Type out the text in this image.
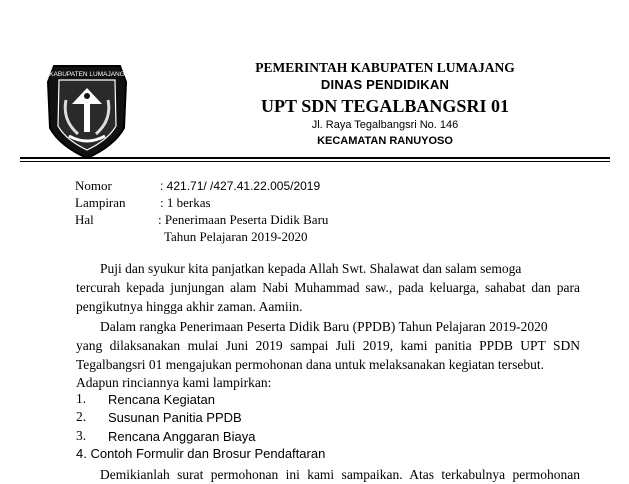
KABUPATEN LUMAJANG	PEMERINTAH KABUPATEN LUMAJANG
DINAS PENDIDIKAN
UPT SDN TEGALBANGSRI 01
Jl. Raya Tegalbangsri No. 146
KECAMATAN RANUYOSO
Nomor	: 421.71/ /427.41.22.005/2019
Lampiran	: 1 berkas
Hal	: Penerimaan Peserta Didik Baru
Tahun Pelajaran 2019-2020
Puji dan syukur kita panjatkan kepada Allah Swt. Shalawat dan salam semoga
tercurah kepada junjungan alam Nabi Muhammad saw., pada keluarga, sahabat dan para
pengikutnya hingga akhir zaman. Aamiin.
Dalam rangka Penerimaan Peserta Didik Baru (PPDB) Tahun Pelajaran 2019-2020
yang dilaksanakan mulai Juni 2019 sampai Juli 2019, kami panitia PPDB UPT SDN
Tegalbangsri 01 mengajukan permohonan dana untuk melaksanakan kegiatan tersebut.
Adapun rinciannya kami lampirkan:
1. Rencana Kegiatan
2. Susunan Panitia PPDB
3. Rencana Anggaran Biaya
4. Contoh Formulir dan Brosur Pendaftaran
Demikianlah surat permohonan ini kami sampaikan. Atas terkabulnya permohonan
